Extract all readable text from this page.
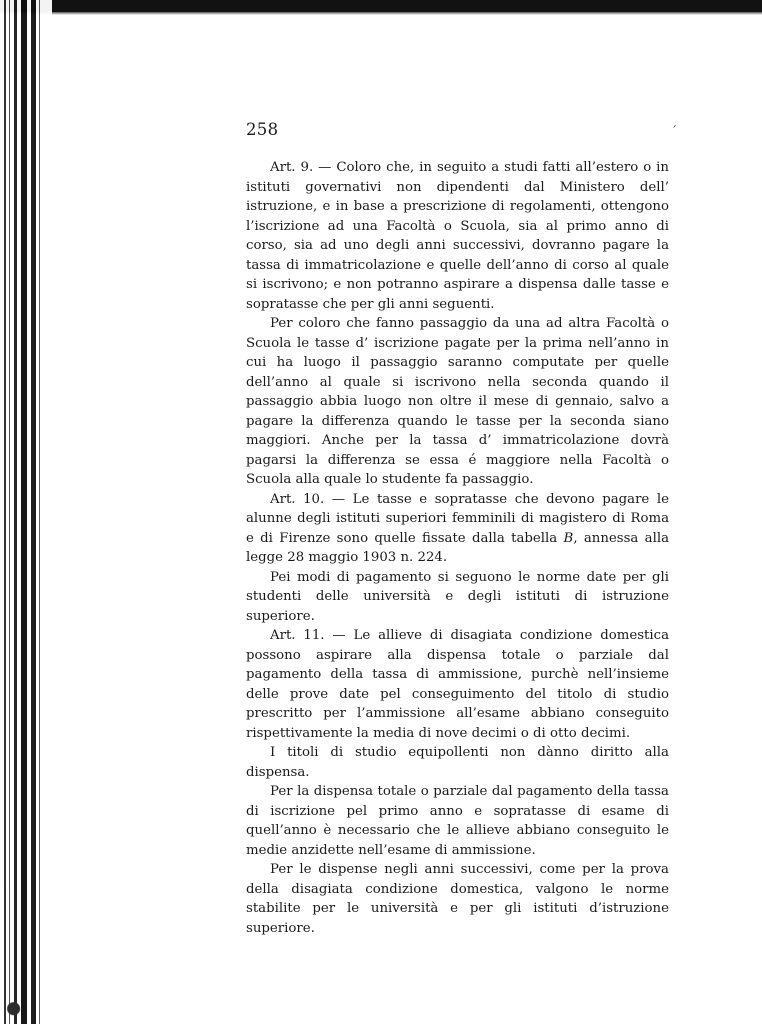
258	´

Art. 9. — Coloro che, in seguito a studi fatti all’estero o in istituti governativi non dipendenti dal Ministero dell’ istruzione, e in base a prescrizione di regolamenti, ottengono l’iscrizione ad una Facoltà o Scuola, sia al primo anno di corso, sia ad uno degli anni successivi, dovranno pagare la tassa di immatricolazione e quelle dell’anno di corso al quale si iscrivono; e non potranno aspirare a dispensa dalle tasse e sopratasse che per gli anni seguenti.

Per coloro che fanno passaggio da una ad altra Facoltà o Scuola le tasse d’ iscrizione pagate per la prima nell’anno in cui ha luogo il passaggio saranno computate per quelle dell’anno al quale si iscrivono nella seconda quando il passaggio abbia luogo non oltre il mese di gennaio, salvo a pagare la differenza quando le tasse per la seconda siano maggiori. Anche per la tassa d’ immatricolazione dovrà pagarsi la differenza se essa é maggiore nella Facoltà o Scuola alla quale lo studente fa passaggio.

Art. 10. — Le tasse e sopratasse che devono pagare le alunne degli istituti superiori femminili di magistero di Roma e di Firenze sono quelle fissate dalla tabella B, annessa alla legge 28 maggio 1903 n. 224.

Pei modi di pagamento si seguono le norme date per gli studenti delle università e degli istituti di istruzione superiore.

Art. 11. — Le allieve di disagiata condizione domestica possono aspirare alla dispensa totale o parziale dal pagamento della tassa di ammissione, purchè nell’insieme delle prove date pel conseguimento del titolo di studio prescritto per l’ammissione all’esame abbiano conseguito rispettivamente la media di nove decimi o di otto decimi.

I titoli di studio equipollenti non dànno diritto alla dispensa.

Per la dispensa totale o parziale dal pagamento della tassa di iscrizione pel primo anno e sopratasse di esame di quell’anno è necessario che le allieve abbiano conseguito le medie anzidette nell’esame di ammissione.

Per le dispense negli anni successivi, come per la prova della disagiata condizione domestica, valgono le norme stabilite per le università e per gli istituti d’istruzione superiore.
